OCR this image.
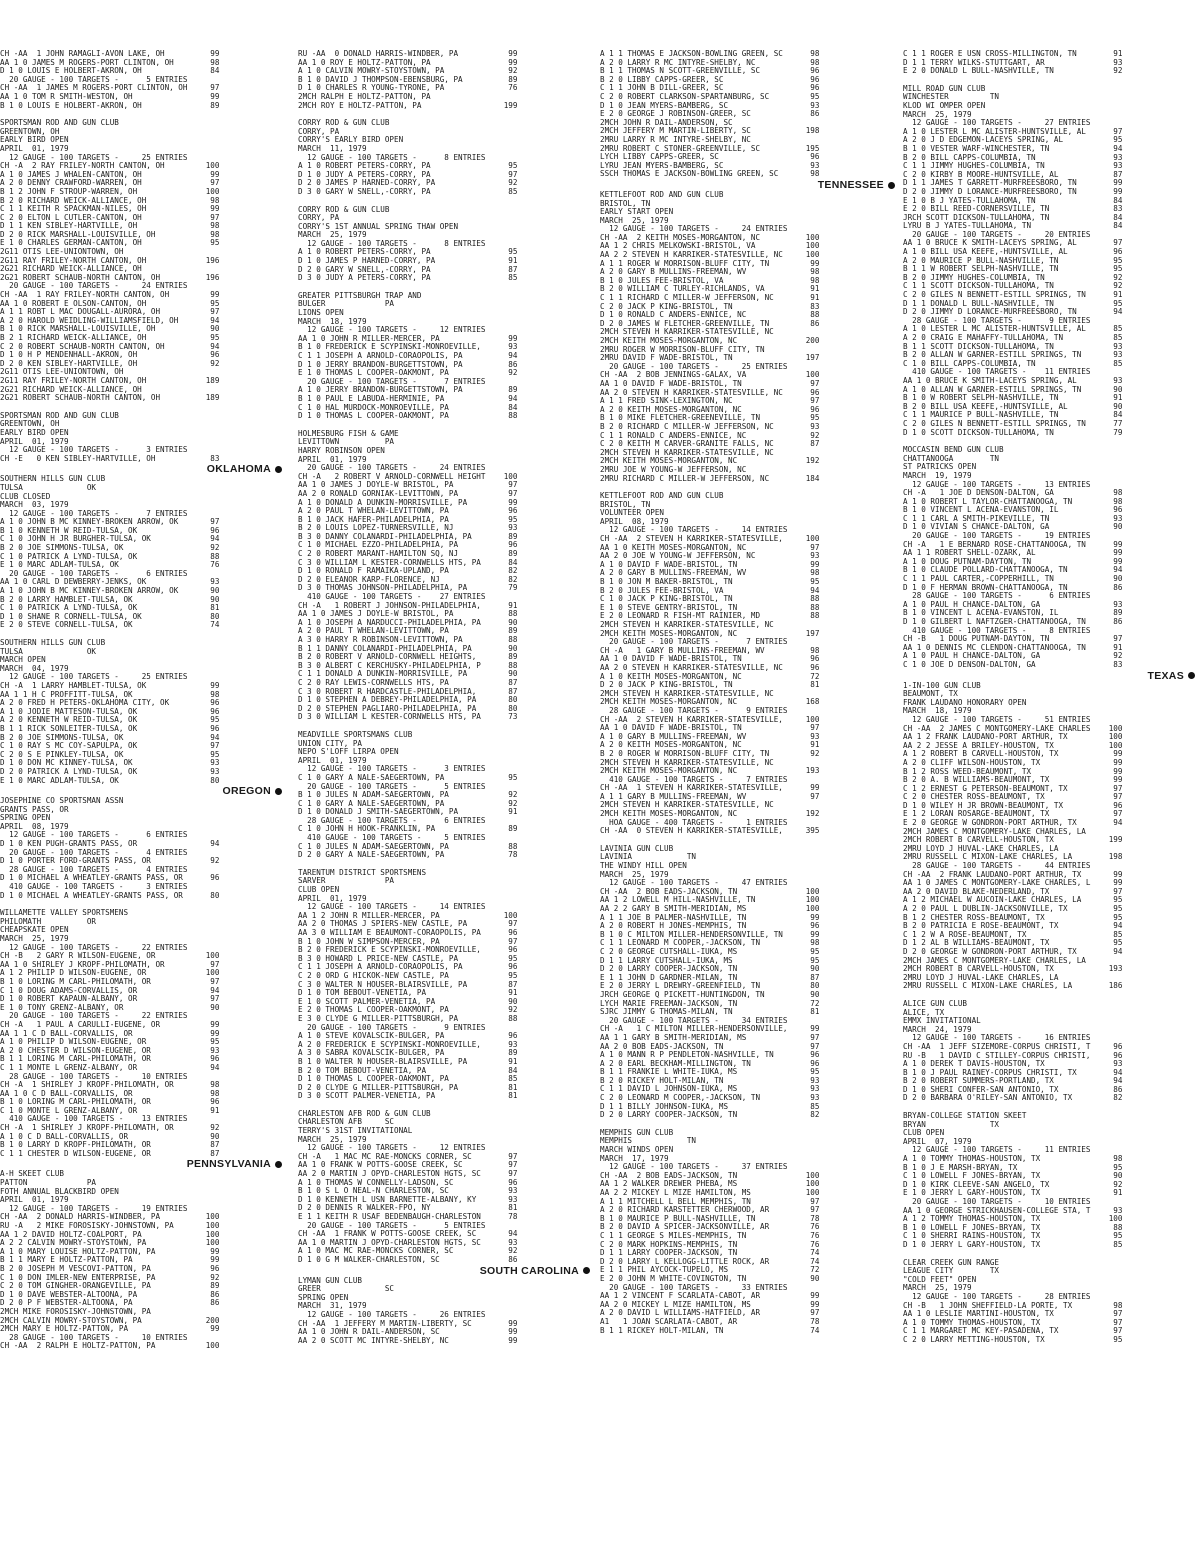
CH -AA  1 JOHN RAMAGLI-AVON LAKE, OH          99
AA 1 0 JAMES M ROGERS-PORT CLINTON, OH        98
D 1 0 LOUIS E HOLBERT-AKRON, OH               84
20 GAUGE - 100 TARGETS -      5 ENTRIES
CH -AA  1 JAMES M ROGERS-PORT CLINTON, OH     97
AA 1 0 TOM R SMITH-WESTON, OH                 99
B 1 0 LOUIS E HOLBERT-AKRON, OH               89
SPORTSMAN ROD AND GUN CLUB
GREENTOWN, OH
EARLY BIRD OPEN
APRIL  01, 1979
12 GAUGE - 100 TARGETS -     25 ENTRIES
CH -A  2 RAY FRILEY-NORTH CANTON, OH         100
A 1 0 JAMES J WHALEN-CANTON, OH               99
A 2 0 DENNY CRAWFORD-WARREN, OH               97
B 1 2 JOHN F STROUP-WARREN, OH               100
B 2 0 RICHARD WEICK-ALLIANCE, OH              98
C 1 1 KEITH R SPACKMAN-NILES, OH              99
C 2 0 ELTON L CUTLER-CANTON, OH               97
D 1 1 KEN SIBLEY-HARTVILLE, OH                98
D 2 0 RICK MARSHALL-LOUISVILLE, OH            98
E 1 0 CHARLES GERMAN-CANTON, OH               95
2G11 OTIS LEE-UNIONTOWN, OH
2G11 RAY FRILEY-NORTH CANTON, OH             196
2G21 RICHARD WEICK-ALLIANCE, OH
2G21 ROBERT SCHAUB-NORTH CANTON, OH          196
20 GAUGE - 100 TARGETS -     24 ENTRIES
CH -AA  1 RAY FRILEY-NORTH CANTON, OH         99
AA 1 0 ROBERT E OLSON-CANTON, OH              95
A 1 1 ROBT L MAC DOUGALL-AURORA, OH           97
A 2 0 HAROLD WEIDLING-WILLIAMSFIELD, OH       94
B 1 0 RICK MARSHALL-LOUISVILLE, OH            90
B 2 1 RICHARD WEICK-ALLIANCE, OH              95
C 2 0 ROBERT SCHAUB-NORTH CANTON, OH          94
D 1 0 H P MENDENHALL-AKRON, OH                96
D 2 0 KEN SIBLEY-HARTVILLE, OH                92
2G11 OTIS LEE-UNIONTOWN, OH
2G11 RAY FRILEY-NORTH CANTON, OH             189
2G21 RICHARD WEICK-ALLIANCE, OH
2G21 ROBERT SCHAUB-NORTH CANTON, OH          189
SPORTSMAN ROD AND GUN CLUB
GREENTOWN, OH
EARLY BIRD OPEN
APRIL  01, 1979
12 GAUGE - 100 TARGETS -      3 ENTRIES
CH -E   0 KEN SIBLEY-HARTVILLE, OH            83
OKLAHOMA
SOUTHERN HILLS GUN CLUB
TULSA              OK
CLUB CLOSED
MARCH  03, 1979
12 GAUGE - 100 TARGETS -      7 ENTRIES
A 1 0 JOHN B MC KINNEY-BROKEN ARROW, OK       97
B 1 0 KENNETH W REID-TULSA, OK                96
C 1 0 JOHN H JR BURGHER-TULSA, OK             94
B 2 0 JOE SIMMONS-TULSA, OK                   92
C 1 0 PATRICK A LYND-TULSA, OK                88
E 1 0 MARC ADLAM-TULSA, OK                    76
20 GAUGE - 100 TARGETS -      6 ENTRIES
AA 1 0 CARL D DEWBERRY-JENKS, OK              93
A 1 0 JOHN B MC KINNEY-BROKEN ARROW, OK       90
B 2 0 LARRY HAMBLET-TULSA, OK                 90
C 1 0 PATRICK A LYND-TULSA, OK                81
D 1 0 SHANE R CORNELL-TULSA, OK               80
E 2 0 STEVE CORNELL-TULSA, OK                 74
SOUTHERN HILLS GUN CLUB
TULSA              OK
MARCH OPEN
MARCH  04, 1979
12 GAUGE - 100 TARGETS -     25 ENTRIES
CH -A  1 LARRY HAMBLET-TULSA, OK              99
AA 1 1 H C PROFFITT-TULSA, OK                 98
A 2 0 FRED H PETERS-OKLAHOMA CITY, OK         96
A 1 0 JODIE MATTESON-TULSA, OK                96
A 2 0 KENNETH W REID-TULSA, OK                95
B 1 1 RICK SONLEITER-TULSA, OK                96
B 2 0 JOE SIMMONS-TULSA, OK                   94
C 1 0 RAY S MC COY-SAPULPA, OK                97
C 2 0 S E PINKLEY-TULSA, OK                   95
D 1 0 DON MC KINNEY-TULSA, OK                 93
D 2 0 PATRICK A LYND-TULSA, OK                93
E 1 0 MARC ADLAM-TULSA, OK                    80
OREGON
JOSEPHINE CO SPORTSMAN ASSN
GRANTS PASS, OR
SPRING OPEN
APRIL  08, 1979
12 GAUGE - 100 TARGETS -      6 ENTRIES
D 1 0 KEN PUGH-GRANTS PASS, OR                94
20 GAUGE - 100 TARGETS -      4 ENTRIES
D 1 0 PORTER FORD-GRANTS PASS, OR             92
28 GAUGE - 100 TARGETS -      4 ENTRIES
D 1 0 MICHAEL A WHEATLEY-GRANTS PASS, OR      96
410 GAUGE - 100 TARGETS -     3 ENTRIES
D 1 0 MICHAEL A WHEATLEY-GRANTS PASS, OR      80
WILLAMETTE VALLEY SPORTSMENS
PHILOMATH          OR
CHEAPSKATE OPEN
MARCH  25, 1979
12 GAUGE - 100 TARGETS -     22 ENTRIES
CH -B   2 GARY R WILSON-EUGENE, OR           100
AA 1 0 SHIRLEY J KROPF-PHILOMATH, OR          97
A 1 2 PHILIP D WILSON-EUGENE, OR             100
B 1 0 LORING M CARL-PHILOMATH, OR             97
C 1 0 DOUG ADAMS-CORVALLIS, OR                94
D 1 0 ROBERT KAPAUN-ALBANY, OR                97
E 1 0 TONY GRENZ-ALBANY, OR                   90
20 GAUGE - 100 TARGETS -     22 ENTRIES
CH -A   1 PAUL A CARULLI-EUGENE, OR           99
AA 1 1 C D BALL-CORVALLIS, OR                 99
A 1 0 PHILIP D WILSON-EUGENE, OR              95
A 2 0 CHESTER D WILSON-EUGENE, OR             93
B 1 1 LORING M CARL-PHILOMATH, OR             96
C 1 1 MONTE L GRENZ-ALBANY, OR                94
28 GAUGE - 100 TARGETS -     10 ENTRIES
CH -A  1 SHIRLEY J KROPF-PHILOMATH, OR        98
AA 1 0 C D BALL-CORVALLIS, OR                 98
B 1 0 LORING M CARL-PHILOMATH, OR             96
C 1 0 MONTE L GRENZ-ALBANY, OR                91
410 GAUGE - 100 TARGETS -    13 ENTRIES
CH -A  1 SHIRLEY J KROPF-PHILOMATH, OR        92
A 1 0 C D BALL-CORVALLIS, OR                  90
B 1 0 LARRY D KROPF-PHILOMATH, OR             87
C 1 1 CHESTER D WILSON-EUGENE, OR             87
PENNSYLVANIA
A-H SKEET CLUB
PATTON             PA
FOTH ANNUAL BLACKBIRD OPEN
APRIL  01, 1979
12 GAUGE - 100 TARGETS -     19 ENTRIES
CH -AA  2 DONALD HARRIS-WINDBER, PA          100
RU -A   2 MIKE FOROSISKY-JOHNSTOWN, PA       100
AA 1 2 DAVID HOLTZ-COALPORT, PA              100
A 2 2 CALVIN MOWRY-STOYSTOWN, PA             100
A 1 0 MARY LOUISE HOLTZ-PATTON, PA            99
B 1 1 MARY E HOLTZ-PATTON, PA                 99
B 2 0 JOSEPH M VESCOVI-PATTON, PA             96
C 1 0 DON IMLER-NEW ENTERPRISE, PA            92
C 2 0 TOM GINGHER-ORANGEVILLE, PA             89
D 1 0 DAVE WEBSTER-ALTOONA, PA                86
D 2 0 P F WEBSTER-ALTOONA, PA                 86
2MCH MIKE FOROSISKY-JOHNSTOWN, PA
2MCH CALVIN MOWRY-STOYSTOWN, PA              200
2MCH MARY E HOLTZ-PATTON, PA                  99
28 GAUGE - 100 TARGETS -     10 ENTRIES
CH -AA  2 RALPH E HOLTZ-PATTON, PA           100
RU -AA  0 DONALD HARRIS-WINDBER, PA           99
AA 1 0 ROY E HOLTZ-PATTON, PA                 99
A 1 0 CALVIN MOWRY-STOYSTOWN, PA              92
B 1 0 DAVID J THOMPSON-EBENSBURG, PA          89
D 1 0 CHARLES R YOUNG-TYRONE, PA              76
2MCH RALPH E HOLTZ-PATTON, PA
2MCH ROY E HOLTZ-PATTON, PA                  199
CORRY ROD & GUN CLUB
CORRY, PA
CORRY'S EARLY BIRD OPEN
MARCH  11, 1979
12 GAUGE - 100 TARGETS -      8 ENTRIES
A 1 0 ROBERT PETERS-CORRY, PA                 95
D 1 0 JUDY A PETERS-CORRY, PA                 97
D 2 0 JAMES P HARNED-CORRY, PA                92
D 3 0 GARY W SNELL,-CORRY, PA                 85
CORRY ROD & GUN CLUB
CORRY, PA
CORRY'S 1ST ANNUAL SPRING THAW OPEN
MARCH  25, 1979
12 GAUGE - 100 TARGETS -      8 ENTRIES
A 1 0 ROBERT PETERS-CORRY, PA                 95
D 1 0 JAMES P HARNED-CORRY, PA                91
D 2 0 GARY W SNELL,-CORRY, PA                 87
D 3 0 JUDY A PETERS-CORRY, PA                 85
GREATER PITTSBURGH TRAP AND
BULGER             PA
LIONS OPEN
MARCH  18, 1979
12 GAUGE - 100 TARGETS -     12 ENTRIES
AA 1 0 JOHN R MILLER-MERCER, PA               99
B 1 0 FREDERICK E SCYPINSKI-MONROEVILLE,      93
C 1 1 JOSEPH A ARNOLD-CORAOPOLIS, PA          94
D 1 0 JERRY BRANDON-BURGETTSTOWN, PA          86
E 1 0 THOMAS L COOPER-OAKMONT, PA             92
20 GAUGE - 100 TARGETS -      7 ENTRIES
A 1 0 JERRY BRANDON-BURGETTSTOWN, PA          89
B 1 0 PAUL E LABUDA-HERMINIE, PA              94
C 1 0 HAL MURDOCK-MONROEVILLE, PA             84
D 1 0 THOMAS L COOPER-OAKMONT, PA             88
HOLMESBURG FISH & GAME
LEVITTOWN          PA
HARRY ROBINSON OPEN
APRIL  01, 1979
20 GAUGE - 100 TARGETS -     24 ENTRIES
CH -A   2 ROBERT V ARNOLD-CORNWELL HEIGHT    100
AA 1 0 JAMES J DOYLE-W BRISTOL, PA            97
AA 2 0 RONALD GORNIAK-LEVITTOWN, PA           97
A 1 0 DONALD A DUNKIN-MORRISVILLE, PA         99
A 2 0 PAUL T WHELAN-LEVITTOWN, PA             96
B 1 0 JACK HAFER-PHILADELPHIA, PA             95
B 2 0 LOUIS LOPEZ-TURNERSVILLE, NJ            93
B 3 0 DANNY COLANARDI-PHILADELPHIA, PA        89
C 1 0 MICHAEL EZZO-PHILADELPHIA, PA           96
C 2 0 ROBERT MARANT-HAMILTON SQ, NJ           89
C 3 0 WILLIAM L KESTER-CORNWELLS HTS, PA      84
D 1 0 RONALD F RAMAIKA-UPLAND, PA             82
D 2 0 ELEANOR KARP-FLORENCE, NJ               82
D 3 0 THOMAS JOHNSON-PHILADELPHIA, PA         79
410 GAUGE - 100 TARGETS -    27 ENTRIES
CH -A   1 ROBERT J JOHNSON-PHILADELPHIA,      91
AA 1 0 JAMES J DOYLE-W BRISTOL, PA            88
A 1 0 JOSEPH A NARDUCCI-PHILADELPHIA, PA      90
A 2 0 PAUL T WHELAN-LEVITTOWN, PA             89
A 3 0 HARRY R ROBINSON-LEVITTOWN, PA          88
B 1 1 DANNY COLANARDI-PHILADELPHIA, PA        90
B 2 0 ROBERT V ARNOLD-CORNWELL HEIGHTS,       89
B 3 0 ALBERT C KERCHUSKY-PHILADELPHIA, P      88
C 1 1 DONALD A DUNKIN-MORRISVILLE, PA         90
C 2 0 RAY LEWIS-CORNWELLS HTS, PA             87
C 3 0 ROBERT R HARDCASTLE-PHILADELPHIA,       87
D 1 0 STEPHEN A DEBREY-PHILADELPHIA, PA       80
D 2 0 STEPHEN PAGLIARO-PHILADELPHIA, PA       80
D 3 0 WILLIAM L KESTER-CORNWELLS HTS, PA      73
MEADVILLE SPORTSMANS CLUB
UNION CITY, PA
NEPO S'LOFF LIRPA OPEN
APRIL  01, 1979
12 GAUGE - 100 TARGETS -      3 ENTRIES
C 1 0 GARY A NALE-SAEGERTOWN, PA              95
20 GAUGE - 100 TARGETS -      5 ENTRIES
B 1 0 JULES N ADAM-SAEGERTOWN, PA             92
C 1 0 GARY A NALE-SAEGERTOWN, PA              92
D 1 0 DONALD J SMITH-SAEGERTOWN, PA           91
28 GAUGE - 100 TARGETS -      6 ENTRIES
C 1 0 JOHN H HOOK-FRANKLIN, PA                89
410 GAUGE - 100 TARGETS -     5 ENTRIES
C 1 0 JULES N ADAM-SAEGERTOWN, PA             88
D 2 0 GARY A NALE-SAEGERTOWN, PA              78
TARENTUM DISTRICT SPORTSMENS
SARVER             PA
CLUB OPEN
APRIL  01, 1979
12 GAUGE - 100 TARGETS -     14 ENTRIES
AA 1 2 JOHN R MILLER-MERCER, PA              100
AA 2 0 THOMAS J SPIERS-NEW CASTLE, PA         97
AA 3 0 WILLIAM E BEAUMONT-CORAOPOLIS, PA      96
B 1 0 JOHN W SIMPSON-MERCER, PA               97
B 2 0 FREDERICK E SCYPINSKI-MONROEVILLE,      96
B 3 0 HOWARD L PRICE-NEW CASTLE, PA           95
C 1 1 JOSEPH A ARNOLD-CORAOPOLIS, PA          96
C 2 0 ORD G HICKOK-NEW CASTLE, PA             95
C 3 0 WALTER N HOUSER-BLAIRSVILLE, PA         87
D 1 0 TOM BEBOUT-VENETIA, PA                  91
E 1 0 SCOTT PALMER-VENETIA, PA                90
E 2 0 THOMAS L COOPER-OAKMONT, PA             92
E 3 0 CLYDE G MILLER-PITTSBURGH, PA           88
20 GAUGE - 100 TARGETS -      9 ENTRIES
A 1 0 STEVE KOVALSCIK-BULGER, PA              96
A 2 0 FREDERICK E SCYPINSKI-MONROEVILLE,      93
A 3 0 SABRA KOVALSCIK-BULGER, PA              89
B 1 0 WALTER N HOUSER-BLAIRSVILLE, PA         91
B 2 0 TOM BEBOUT-VENETIA, PA                  84
D 1 0 THOMAS L COOPER-OAKMONT, PA             85
D 2 0 CLYDE G MILLER-PITTSBURGH, PA           81
D 3 0 SCOTT PALMER-VENETIA, PA                81
CHARLESTON AFB ROD & GUN CLUB
CHARLESTON AFB     SC
TERRY'S 31ST INVITATIONAL
MARCH  25, 1979
12 GAUGE - 100 TARGETS -     12 ENTRIES
CH -A   1 MAC MC RAE-MONCKS CORNER, SC        97
AA 1 0 FRANK W POTTS-GOOSE CREEK, SC          97
AA 2 0 MARTIN J OPYD-CHARLESTON HGTS, SC      97
A 1 0 THOMAS W CONNELLY-LADSON, SC            96
B 1 0 S L O NEAL-N CHARLESTON, SC             93
D 1 0 KENNETH L USN BARNETTE-ALBANY, KY       93
D 2 0 DENNIS R WALKER-FPO, NY                 81
E 1 1 KEITH R USAF BEDENBAUGH-CHARLESTON      78
20 GAUGE - 100 TARGETS -      5 ENTRIES
CH -AA  1 FRANK W POTTS-GOOSE CREEK, SC       94
AA 1 0 MARTIN J OPYD-CHARLESTON HGTS, SC      93
A 1 0 MAC MC RAE-MONCKS CORNER, SC            92
D 1 0 G M WALKER-CHARLESTON, SC               86
SOUTH CAROLINA
LYMAN GUN CLUB
GREER              SC
SPRING OPEN
MARCH  31, 1979
12 GAUGE - 100 TARGETS -     26 ENTRIES
CH -AA  1 JEFFERY M MARTIN-LIBERTY, SC        99
AA 1 0 JOHN R DAIL-ANDERSON, SC               99
AA 2 0 SCOTT MC INTYRE-SHELBY, NC             99
A 1 1 THOMAS E JACKSON-BOWLING GREEN, SC      98
A 2 0 LARRY R MC INTYRE-SHELBY, NC            98
B 1 1 THOMAS N SCOTT-GREENVILLE, SC           96
B 2 0 LIBBY CAPPS-GREER, SC                   96
C 1 1 JOHN B DILL-GREER, SC                   96
C 2 0 ROBERT CLARKSON-SPARTANBURG, SC         95
D 1 0 JEAN MYERS-BAMBERG, SC                  93
E 2 0 GEORGE J ROBINSON-GREER, SC             86
2MCH JOHN R DAIL-ANDERSON, SC
2MCH JEFFERY M MARTIN-LIBERTY, SC            198
2MRU LARRY R MC INTYRE-SHELBY, NC
2MRU ROBERT C STONER-GREENVILLE, SC          195
LYCH LIBBY CAPPS-GREER, SC                    96
LYRU JEAN MYERS-BAMBERG, SC                   93
SSCH THOMAS E JACKSON-BOWLING GREEN, SC       98
TENNESSEE
KETTLEFOOT ROD AND GUN CLUB
BRISTOL, TN
EARLY START OPEN
MARCH  25, 1979
12 GAUGE - 100 TARGETS -     24 ENTRIES
CH -AA  2 KEITH MOSES-MORGANTON, NC          100
AA 1 2 CHRIS MELKOWSKI-BRISTOL, VA           100
AA 2 2 STEVEN H KARRIKER-STATESVILLE, NC     100
A 1 1 ROGER W MORRISON-BLUFF CITY, TN         99
A 2 0 GARY B MULLINS-FREEMAN, WV              98
B 1 0 JULES FEE-BRISTOL, VA                   98
B 2 0 WILLIAM C TURLEY-RICHLANDS, VA          91
C 1 1 RICHARD C MILLER-W JEFFERSON, NC        91
C 2 0 JACK P KING-BRISTOL, TN                 83
D 1 0 RONALD C ANDERS-ENNICE, NC              88
D 2 0 JAMES W FLETCHER-GREENVILLE, TN         86
2MCH STEVEN H KARRIKER-STATESVILLE, NC
2MCH KEITH MOSES-MORGANTON, NC               200
2MRU ROGER W MORRISON-BLUFF CITY, TN
2MRU DAVID F WADE-BRISTOL, TN                197
20 GAUGE - 100 TARGETS -     25 ENTRIES
CH -AA  2 BOB JENNINGS-GALAX, VA             100
AA 1 0 DAVID F WADE-BRISTOL, TN               97
AA 2 0 STEVEN H KARRIKER-STATESVILLE, NC      96
A 1 1 FRED SINK-LEXINGTON, NC                 97
A 2 0 KEITH MOSES-MORGANTON, NC               96
B 1 0 MIKE FLETCHER-GREENEVILLE, TN           95
B 2 0 RICHARD C MILLER-W JEFFERSON, NC        93
C 1 1 RONALD C ANDERS-ENNICE, NC              92
C 2 0 KEITH M CARVER-GRANITE FALLS, NC        87
2MCH STEVEN H KARRIKER-STATESVILLE, NC
2MCH KEITH MOSES-MORGANTON, NC               192
2MRU JOE W YOUNG-W JEFFERSON, NC
2MRU RICHARD C MILLER-W JEFFERSON, NC        184
KETTLEFOOT ROD AND GUN CLUB
BRISTOL, TN
VOLUNTEER OPEN
APRIL  08, 1979
12 GAUGE - 100 TARGETS -     14 ENTRIES
CH -AA  2 STEVEN H KARRIKER-STATESVILLE,     100
AA 1 0 KEITH MOSES-MORGANTON, NC              97
AA 2 0 JOE W YOUNG-W JEFFERSON, NC            93
A 1 0 DAVID F WADE-BRISTOL, TN                99
A 2 0 GARY B MULLINS-FREEMAN, WV              98
B 1 0 JON M BAKER-BRISTOL, TN                 95
B 2 0 JULES FEE-BRISTOL, VA                   94
C 1 0 JACK P KING-BRISTOL, TN                 88
E 1 0 STEVE GENTRY-BRISTOL, TN                88
E 2 0 LEONARD R FISH-MT RAINIER, MD           88
2MCH STEVEN H KARRIKER-STATESVILLE, NC
2MCH KEITH MOSES-MORGANTON, NC               197
20 GAUGE - 100 TARGETS -      7 ENTRIES
CH -A   1 GARY B MULLINS-FREEMAN, WV          98
AA 1 0 DAVID F WADE-BRISTOL, TN               96
AA 2 0 STEVEN H KARRIKER-STATESVILLE, NC      96
A 1 0 KEITH MOSES-MORGANTON, NC               72
D 2 0 JACK P KING-BRISTOL, TN                 81
2MCH STEVEN H KARRIKER-STATESVILLE, NC
2MCH KEITH MOSES-MORGANTON, NC               168
28 GAUGE - 100 TARGETS -      9 ENTRIES
CH -AA  2 STEVEN H KARRIKER-STATESVILLE,     100
AA 1 0 DAVID F WADE-BRISTOL, TN               97
A 1 0 GARY B MULLINS-FREEMAN, WV              93
A 2 0 KEITH MOSES-MORGANTON, NC               91
B 2 0 ROGER W MORRISON-BLUFF CITY, TN         92
2MCH STEVEN H KARRIKER-STATESVILLE, NC
2MCH KEITH MOSES-MORGANTON, NC               193
410 GAUGE - 100 TARGETS -     7 ENTRIES
CH -AA  1 STEVEN H KARRIKER-STATESVILLE,      99
A 1 1 GARY B MULLINS-FREEMAN, WV              97
2MCH STEVEN H KARRIKER-STATESVILLE, NC
2MCH KEITH MOSES-MORGANTON, NC               192
HOA GAUGE - 400 TARGETS -     1 ENTRIES
CH -AA  0 STEVEN H KARRIKER-STATESVILLE,     395
LAVINIA GUN CLUB
LAVINIA            TN
THE WINDY HILL OPEN
MARCH  25, 1979
12 GAUGE - 100 TARGETS -     47 ENTRIES
CH -AA  2 BOB EADS-JACKSON, TN               100
AA 1 2 LOWELL M HILL-NASHVILLE, TN           100
AA 2 2 GARY B SMITH-MERIDIAN, MS             100
A 1 1 JOE B PALMER-NASHVILLE, TN              99
A 2 0 ROBERT H JONES-MEMPHIS, TN              96
B 1 0 C MILTON MILLER-HENDERSONVILLE, TN      99
C 1 1 LEONARD M COOPER,-JACKSON, TN           98
C 2 0 GEORGE CUTSHALL-IUKA, MS                95
D 1 1 LARRY CUTSHALL-IUKA, MS                 95
D 2 0 LARRY COOPER-JACKSON, TN                90
E 1 1 JOHN D GARDNER-MILAN, TN                87
E 2 0 JERRY L DREWRY-GREENFIELD, TN           80
JRCH GEORGE Q PICKETT-HUNTINGDON, TN          90
LYCH MARIE FREEMAN-JACKSON, TN                72
SJRC JIMMY G THOMAS-MILAN, TN                 81
20 GAUGE - 100 TARGETS -     34 ENTRIES
CH -A   1 C MILTON MILLER-HENDERSONVILLE,     99
AA 1 1 GARY B SMITH-MERIDIAN, MS              97
AA 2 0 BOB EADS-JACKSON, TN                   97
A 1 0 MANN R P PENDLETON-NASHVILLE, TN        96
A 2 0 EARL BECKHAM-MILLINGTON, TN             96
B 1 1 FRANKIE L WHITE-IUKA, MS                95
B 2 0 RICKEY HOLT-MILAN, TN                   93
C 1 1 DAVID L JOHNSON-IUKA, MS                93
C 2 0 LEONARD M COOPER,-JACKSON, TN           93
D 1 1 BILLY JOHNSON-IUKA, MS                  85
D 2 0 LARRY COOPER-JACKSON, TN                82
MEMPHIS GUN CLUB
MEMPHIS            TN
MARCH WINDS OPEN
MARCH  17, 1979
12 GAUGE - 100 TARGETS -     37 ENTRIES
CH -AA  2 BOB EADS-JACKSON, TN               100
AA 1 2 WALKER DREWER PHEBA, MS               100
AA 2 2 MICKEY L MIZE HAMILTON, MS            100
A 1 1 MITCHELL L BELL MEMPHIS, TN             97
A 2 0 RICHARD KARSTETTER CHERWOOD, AR         97
B 1 0 MAURICE P BULL-NASHVILLE, TN            78
B 2 0 DAVID A SPICER-JACKSONVILLE, AR         76
C 1 1 GEORGE S MILES-MEMPHIS, TN              76
C 2 0 MARK HOPKINS-MEMPHIS, TN                76
D 1 1 LARRY COOPER-JACKSON, TN                74
D 2 0 LARRY L KELLOGG-LITTLE ROCK, AR         74
E 1 1 PHIL AYCOCK-TUPELO, MS                  72
E 2 0 JOHN M WHITE-COVINGTON, TN              90
20 GAUGE - 100 TARGETS -     33 ENTRIES
AA 1 2 VINCENT F SCARLATA-CABOT, AR           99
AA 2 0 MICKEY L MIZE HAMILTON, MS             99
A 2 0 DAVID L WILLIAMS-HATFIELD, AR           97
A1   1 JOAN SCARLATA-CABOT, AR                78
B 1 1 RICKEY HOLT-MILAN, TN                   74
C 1 1 ROGER E USN CROSS-MILLINGTON, TN        91
D 1 1 TERRY WILKS-STUTTGART, AR               93
E 2 0 DONALD L BULL-NASHVILLE, TN             92
MILL ROAD GUN CLUB
WINCHESTER         TN
KLOD WI OMPER OPEN
MARCH  25, 1979
12 GAUGE - 100 TARGETS -     27 ENTRIES
A 1 0 LESTER L MC ALISTER-HUNTSVILLE, AL      97
A 2 0 J D EDGEMON-LACEYS SPRING, AL           95
B 1 0 VESTER WARF-WINCHESTER, TN              94
B 2 0 BILL CAPPS-COLUMBIA, TN                 93
C 1 1 JIMMY HUGHES-COLUMBIA, TN               93
C 2 0 KIRBY B MOORE-HUNTSVILLE, AL            87
D 1 1 JAMES T GARRETT-MURFREESBORO, TN        99
D 2 0 JIMMY D LORANCE-MURFREESBORO, TN        99
E 1 0 B J YATES-TULLAHOMA, TN                 84
E 2 0 BILL REED-CORNERSVILLE, TN              83
JRCH SCOTT DICKSON-TULLAHOMA, TN              84
LYRU B J YATES-TULLAHOMA, TN                  84
20 GAUGE - 100 TARGETS -     20 ENTRIES
AA 1 0 BRUCE K SMITH-LACEYS SPRING, AL        97
A 1 0 BILL USA KEEFE,-HUNTSVILLE, AL          96
A 2 0 MAURICE P BULL-NASHVILLE, TN            95
B 1 1 W ROBERT SELPH-NASHVILLE, TN            95
B 2 0 JIMMY HUGHES-COLUMBIA, TN               92
C 1 1 SCOTT DICKSON-TULLAHOMA, TN             92
C 2 0 GILES N BENNETT-ESTILL SPRINGS, TN      91
D 1 1 DONALD L BULL-NASHVILLE, TN             95
D 2 0 JIMMY D LORANCE-MURFREESBORO, TN        94
28 GAUGE - 100 TARGETS -      9 ENTRIES
A 1 0 LESTER L MC ALISTER-HUNTSVILLE, AL      85
A 2 0 CRAIG E MAHAFFY-TULLAHOMA, TN           85
B 1 1 SCOTT DICKSON-TULLAHOMA, TN             93
B 2 0 ALLAN W GARNER-ESTILL SPRINGS, TN       93
C 1 0 BILL CAPPS-COLUMBIA, TN                 85
410 GAUGE - 100 TARGETS -    11 ENTRIES
AA 1 0 BRUCE K SMITH-LACEYS SPRING, AL        93
A 1 0 ALLAN W GARNER-ESTILL SPRINGS, TN       90
B 1 0 W ROBERT SELPH-NASHVILLE, TN            91
B 2 0 BILL USA KEEFE,-HUNTSVILLE, AL          90
C 1 1 MAURICE P BULL-NASHVILLE, TN            84
C 2 0 GILES N BENNETT-ESTILL SPRINGS, TN      77
D 1 0 SCOTT DICKSON-TULLAHOMA, TN             79
MOCCASIN BEND GUN CLUB
CHATTANOOGA        TN
ST PATRICKS OPEN
MARCH  19, 1979
12 GAUGE - 100 TARGETS -     13 ENTRIES
CH -A   1 JOE D DENSON-DALTON, GA             98
A 1 0 ROBERT L TAYLOR-CHATTANOOGA, TN         98
B 1 0 VINCENT L ACENA-EVANSTON, IL            96
C 1 1 CARL A SMITH-PIKEVILLE, TN              93
D 1 0 VIVIAN S CHANCE-DALTON, GA              90
20 GAUGE - 100 TARGETS -     19 ENTRIES
CH -A   1 E BERNARD ROSE-CHATTANOOGA, TN      99
AA 1 1 ROBERT SHELL-OZARK, AL                 99
A 1 0 DOUG PUTNAM-DAYTON, TN                  99
B 1 0 CLAUDE POLLARD-CHATTANOOGA, TN          94
C 1 1 PAUL CARTER,-COPPERHILL, TN             90
D 1 0 F HERMAN BROWN-CHATTANOOGA, TN          86
28 GAUGE - 100 TARGETS -      6 ENTRIES
A 1 0 PAUL H CHANCE-DALTON, GA                93
B 1 0 VINCENT L ACENA-EVANSTON, IL            89
D 1 0 GILBERT L NAFTZGER-CHATTANOOGA, TN      86
410 GAUGE - 100 TARGETS -     8 ENTRIES
CH -B   1 DOUG PUTNAM-DAYTON, TN              97
AA 1 0 DENNIS MC CLENDON-CHATTANOOGA, TN      91
A 1 0 PAUL H CHANCE-DALTON, GA                92
C 1 0 JOE D DENSON-DALTON, GA                 83
TEXAS
1-IN-100 GUN CLUB
BEAUMONT, TX
FRANK LAUDANO HONORARY OPEN
MARCH  18, 1979
12 GAUGE - 100 TARGETS -     51 ENTRIES
CH -AA  2 JAMES C MONTGOMERY-LAKE CHARLES    100
AA 1 2 FRANK LAUDANO-PORT ARTHUR, TX         100
AA 2 2 JESSE A BRILEY-HOUSTON, TX            100
A 1 2 ROBERT B CARVELL-HOUSTON, TX            99
A 2 0 CLIFF WILSON-HOUSTON, TX                99
B 1 2 ROSS WEED-BEAUMONT, TX                  99
B 2 0 A. B WILLIAMS-BEAUMONT, TX              99
C 1 2 ERNEST G PETERSON-BEAUMONT, TX          97
C 2 0 CHESTER ROSS-BEAUMONT, TX               97
D 1 0 WILEY H JR BROWN-BEAUMONT, TX           96
E 1 2 LORAN ROSARGE-BEAUMONT, TX              97
E 2 0 GEORGE W GONDRON-PORT ARTHUR, TX        94
2MCH JAMES C MONTGOMERY-LAKE CHARLES, LA
2MCH ROBERT B CARVELL-HOUSTON, TX            199
2MRU LOYD J HUVAL-LAKE CHARLES, LA
2MRU RUSSELL C MIXON-LAKE CHARLES, LA        198
28 GAUGE - 100 TARGETS -     44 ENTRIES
CH -AA  2 FRANK LAUDANO-PORT ARTHUR, TX       99
AA 1 0 JAMES C MONTGOMERY-LAKE CHARLES, L     99
AA 2 0 DAVID BLAKE-NEDERLAND, TX              97
A 1 2 MICHAEL W AUCOIN-LAKE CHARLES, LA       95
A 2 0 PAUL L DUBLIN-JACKSONVILLE, TX          95
B 1 2 CHESTER ROSS-BEAUMONT, TX               95
B 2 0 PATRICIA E ROSE-BEAUMONT, TX            94
C 1 2 W A ROSE-BEAUMONT, TX                   85
D 1 2 AL B WILLIAMS-BEAUMONT, TX              95
D 2 0 GEORGE W GONDRON-PORT ARTHUR, TX        94
2MCH JAMES C MONTGOMERY-LAKE CHARLES, LA
2MCH ROBERT B CARVELL-HOUSTON, TX            193
2MRU LOYD J HUVAL-LAKE CHARLES, LA
2MRU RUSSELL C MIXON-LAKE CHARLES, LA        186
ALICE GUN CLUB
ALICE, TX
EMMX INVITATIONAL
MARCH  24, 1979
12 GAUGE - 100 TARGETS -     16 ENTRIES
CH -AA  1 JEFF SIZEMORE-CORPUS CHRISTI, T     96
RU -B   1 DAVID C STILLEY-CORPUS CHRISTI,     96
A 1 0 DEREK T DAVIS-HOUSTON, TX               93
B 1 0 J PAUL RAINEY-CORPUS CHRISTI, TX        94
B 2 0 ROBERT SUMMERS-PORTLAND, TX             94
D 1 0 SHERI CONFER-SAN ANTONIO, TX            86
D 2 0 BARBARA O'RILEY-SAN ANTONIO, TX         82
BRYAN-COLLEGE STATION SKEET
BRYAN              TX
CLUB OPEN
APRIL  07, 1979
12 GAUGE - 100 TARGETS -     11 ENTRIES
A 1 0 TOMMY THOMAS-HOUSTON, TX                98
B 1 0 J E MARSH-BRYAN, TX                     95
C 1 0 LOWELL F JONES-BRYAN, TX                90
D 1 0 KIRK CLEEVE-SAN ANGELO, TX              92
E 1 0 JERRY L GARY-HOUSTON, TX                91
20 GAUGE - 100 TARGETS -     10 ENTRIES
AA 1 0 GEORGE STRICKHAUSEN-COLLEGE STA, T     93
A 1 2 TOMMY THOMAS-HOUSTON, TX               100
B 1 0 LOWELL F JONES-BRYAN, TX                88
C 1 0 SHERRI RAINS-HOUSTON, TX                95
D 1 0 JERRY L GARY-HOUSTON, TX                85
CLEAR CREEK GUN RANGE
LEAGUE CITY        TX
"COLD FEET" OPEN
MARCH  25, 1979
12 GAUGE - 100 TARGETS -     28 ENTRIES
CH -B   1 JOHN SHEFFIELD-LA PORTE, TX         98
AA 1 0 LESLIE MARTINI-HOUSTON, TX             97
A 1 0 TOMMY THOMAS-HOUSTON, TX                97
C 1 1 MARGARET MC KEY-PASADENA, TX            97
C 2 0 LARRY METTING-HOUSTON, TX               95
